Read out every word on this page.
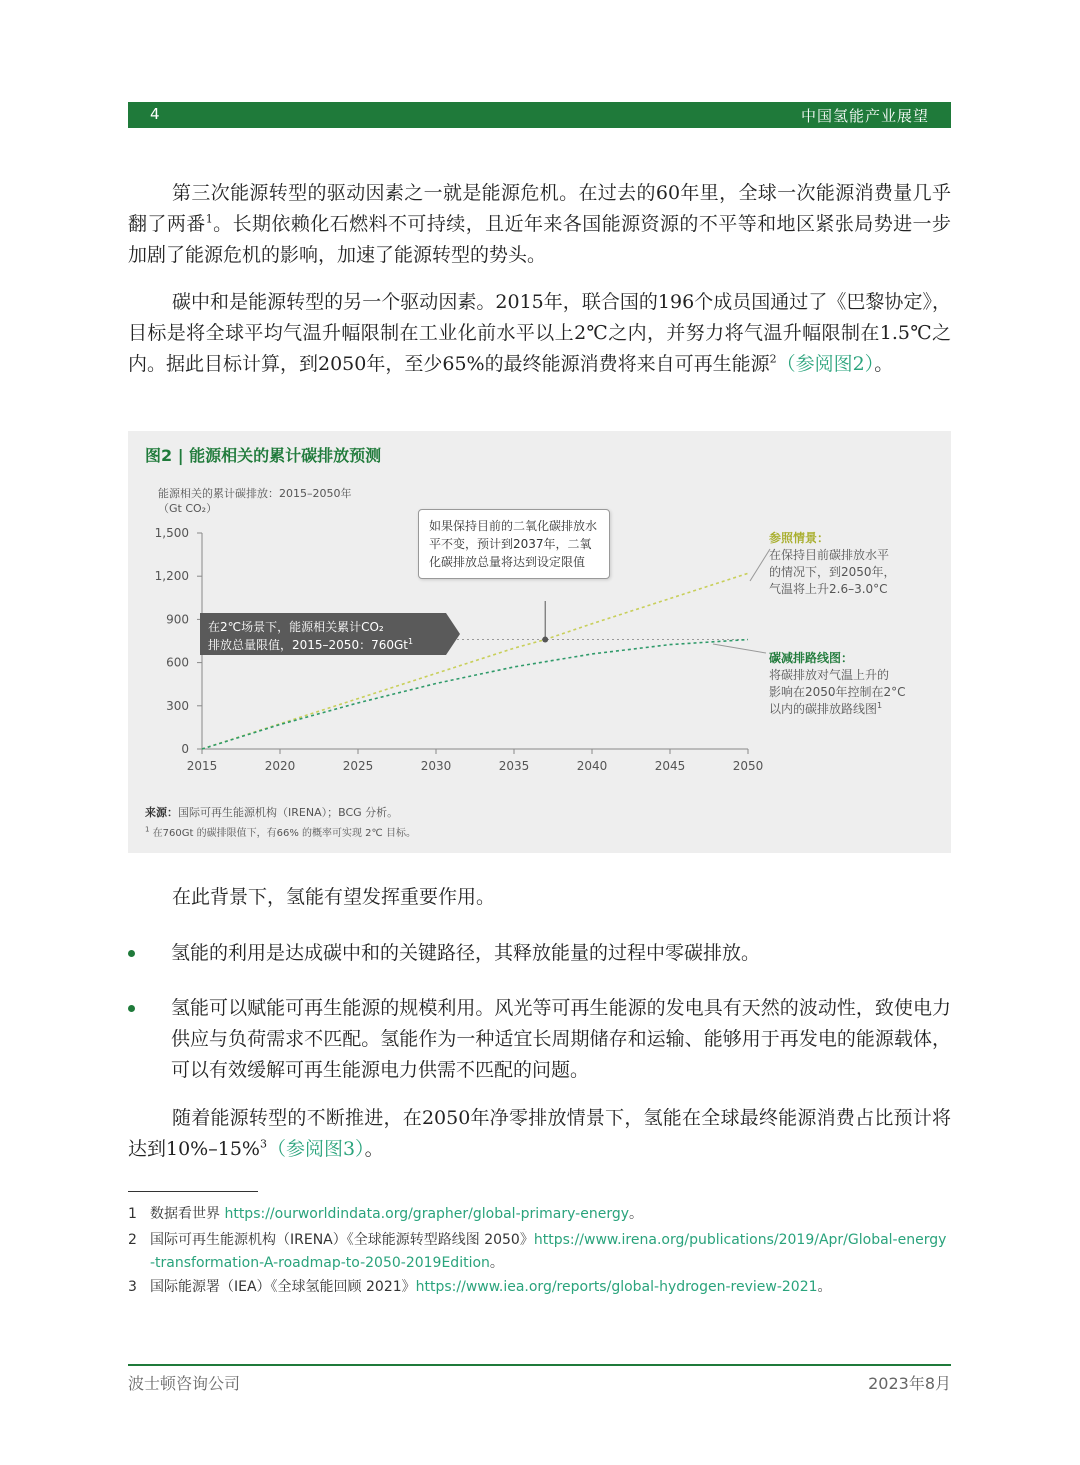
4	中国氢能产业展望

第三次能源转型的驱动因素之一就是能源危机。在过去的60年里，全球一次能源消费量几乎翻了两番$^1$。长期依赖化石燃料不可持续，且近年来各国能源资源的不平等和地区紧张局势进一步加剧了能源危机的影响，加速了能源转型的势头。

碳中和是能源转型的另一个驱动因素。2015年，联合国的196个成员国通过了《巴黎协定》，目标是将全球平均气温升幅限制在工业化前水平以上2℃之内，并努力将气温升幅限制在1.5℃之内。据此目标计算，到2050年，至少65%的最终能源消费将来自可再生能源$^2$（参阅图2）。

图2 | 能源相关的累计碳排放预测
能源相关的累计碳排放：2015–2050年
（Gt CO₂）
2015	2020	2025	2030	2035	2040	2045	2050
0
300
600
900
1,200
1,500
在2℃场景下，能源相关累计CO₂
排放总量限值，2015–2050：760Gt$^1$
如果保持目前的二氧化碳排放水平不变，预计到2037年，二氧化碳排放总量将达到设定限值
参照情景：
在保持目前碳排放水平
的情况下，到2050年，
气温将上升2.6–3.0°C
碳减排路线图：
将碳排放对气温上升的
影响在2050年控制在2°C
以内的碳排放路线图$^1$
来源：国际可再生能源机构（IRENA）；BCG 分析。
$^1$ 在760Gt 的碳排限值下，有66% 的概率可实现 2℃ 目标。

在此背景下，氢能有望发挥重要作用。

氢能的利用是达成碳中和的关键路径，其释放能量的过程中零碳排放。
氢能可以赋能可再生能源的规模利用。风光等可再生能源的发电具有天然的波动性，致使电力供应与负荷需求不匹配。氢能作为一种适宜长周期储存和运输、能够用于再发电的能源载体，可以有效缓解可再生能源电力供需不匹配的问题。

随着能源转型的不断推进，在2050年净零排放情景下，氢能在全球最终能源消费占比预计将达到10%–15%$^3$（参阅图3）。

1 数据看世界 https://ourworldindata.org/grapher/global-primary-energy。
2 国际可再生能源机构（IRENA）《全球能源转型路线图 2050》https://www.irena.org/publications/2019/Apr/Global-energy-transformation-A-roadmap-to-2050-2019Edition。
3 国际能源署（IEA）《全球氢能回顾 2021》https://www.iea.org/reports/global-hydrogen-review-2021。
波士顿咨询公司	2023年8月
